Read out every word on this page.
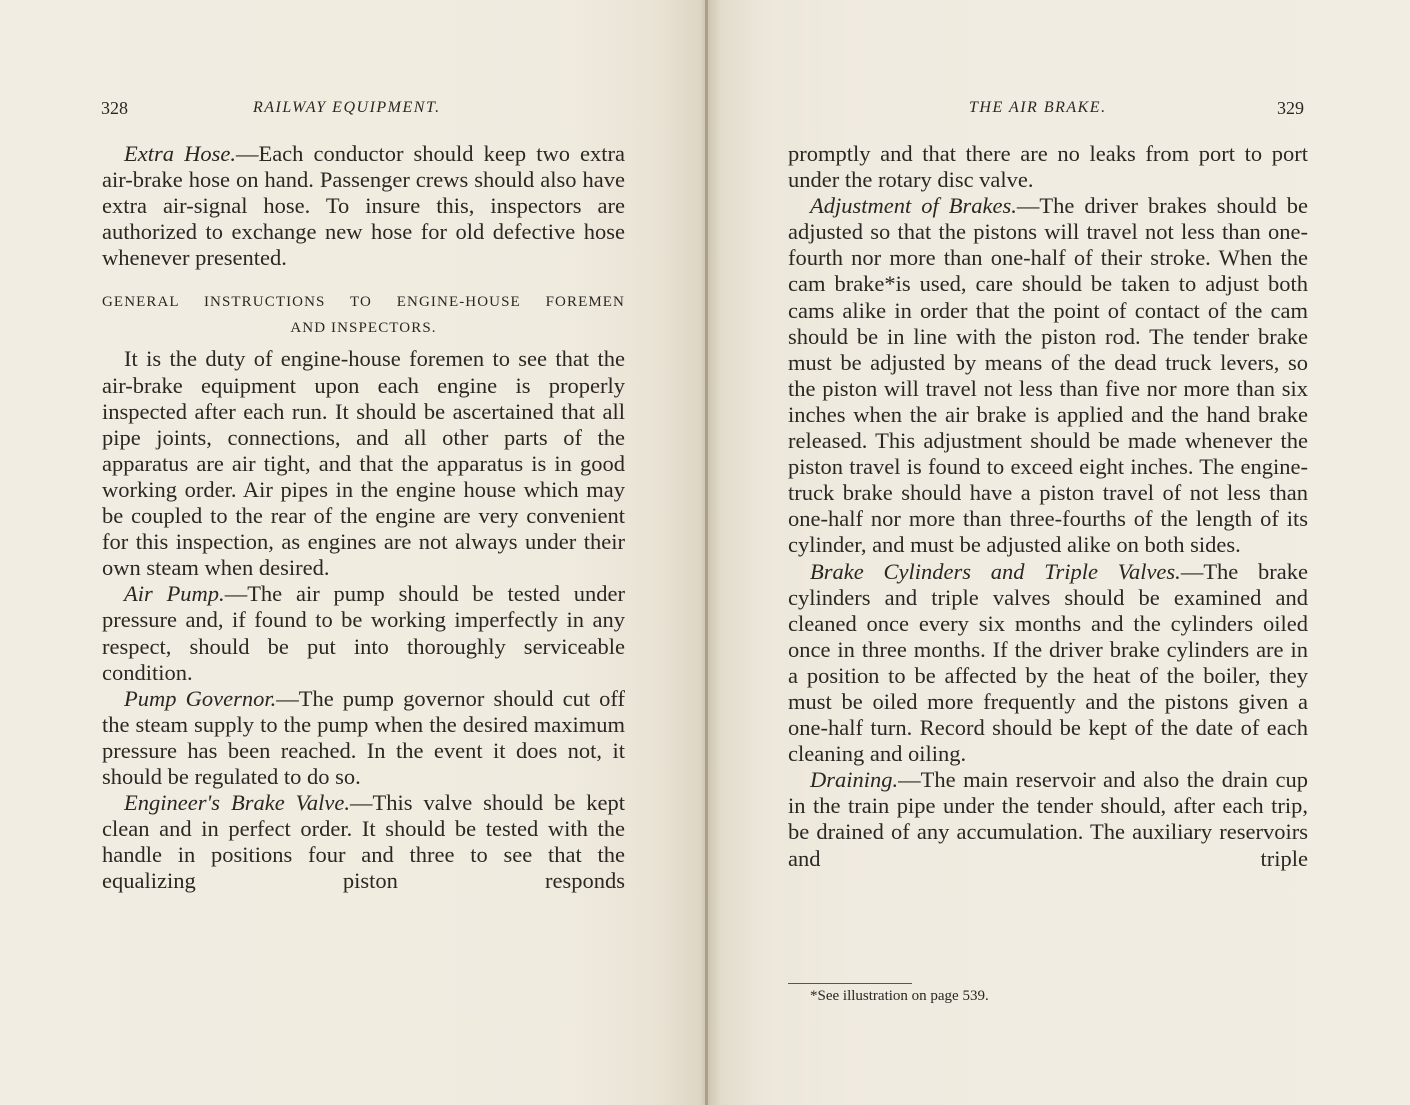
328	RAILWAY EQUIPMENT.

Extra Hose.—Each conductor should keep two extra air-brake hose on hand. Passenger crews should also have extra air-signal hose. To insure this, inspectors are authorized to exchange new hose for old defective hose whenever presented.

GENERAL INSTRUCTIONS TO ENGINE-HOUSE FOREMEN
AND INSPECTORS.

It is the duty of engine-house foremen to see that the air-brake equipment upon each engine is properly inspected after each run. It should be ascertained that all pipe joints, connections, and all other parts of the apparatus are air tight, and that the apparatus is in good working order. Air pipes in the engine house which may be coupled to the rear of the engine are very convenient for this inspection, as engines are not always under their own steam when desired.

Air Pump.—The air pump should be tested under pressure and, if found to be working imperfectly in any respect, should be put into thoroughly serviceable condition.

Pump Governor.—The pump governor should cut off the steam supply to the pump when the desired maximum pressure has been reached. In the event it does not, it should be regulated to do so.

Engineer's Brake Valve.—This valve should be kept clean and in perfect order. It should be tested with the handle in positions four and three to see that the equalizing piston responds

THE AIR BRAKE.	329

promptly and that there are no leaks from port to port under the rotary disc valve.

Adjustment of Brakes.—The driver brakes should be adjusted so that the pistons will travel not less than one-fourth nor more than one-half of their stroke. When the cam brake*is used, care should be taken to adjust both cams alike in order that the point of contact of the cam should be in line with the piston rod. The tender brake must be adjusted by means of the dead truck levers, so the piston will travel not less than five nor more than six inches when the air brake is applied and the hand brake released. This adjustment should be made whenever the piston travel is found to exceed eight inches. The engine-truck brake should have a piston travel of not less than one-half nor more than three-fourths of the length of its cylinder, and must be adjusted alike on both sides.

Brake Cylinders and Triple Valves.—The brake cylinders and triple valves should be examined and cleaned once every six months and the cylinders oiled once in three months. If the driver brake cylinders are in a position to be affected by the heat of the boiler, they must be oiled more frequently and the pistons given a one-half turn. Record should be kept of the date of each cleaning and oiling.

Draining.—The main reservoir and also the drain cup in the train pipe under the tender should, after each trip, be drained of any accumulation. The auxiliary reservoirs and triple

*See illustration on page 539.
